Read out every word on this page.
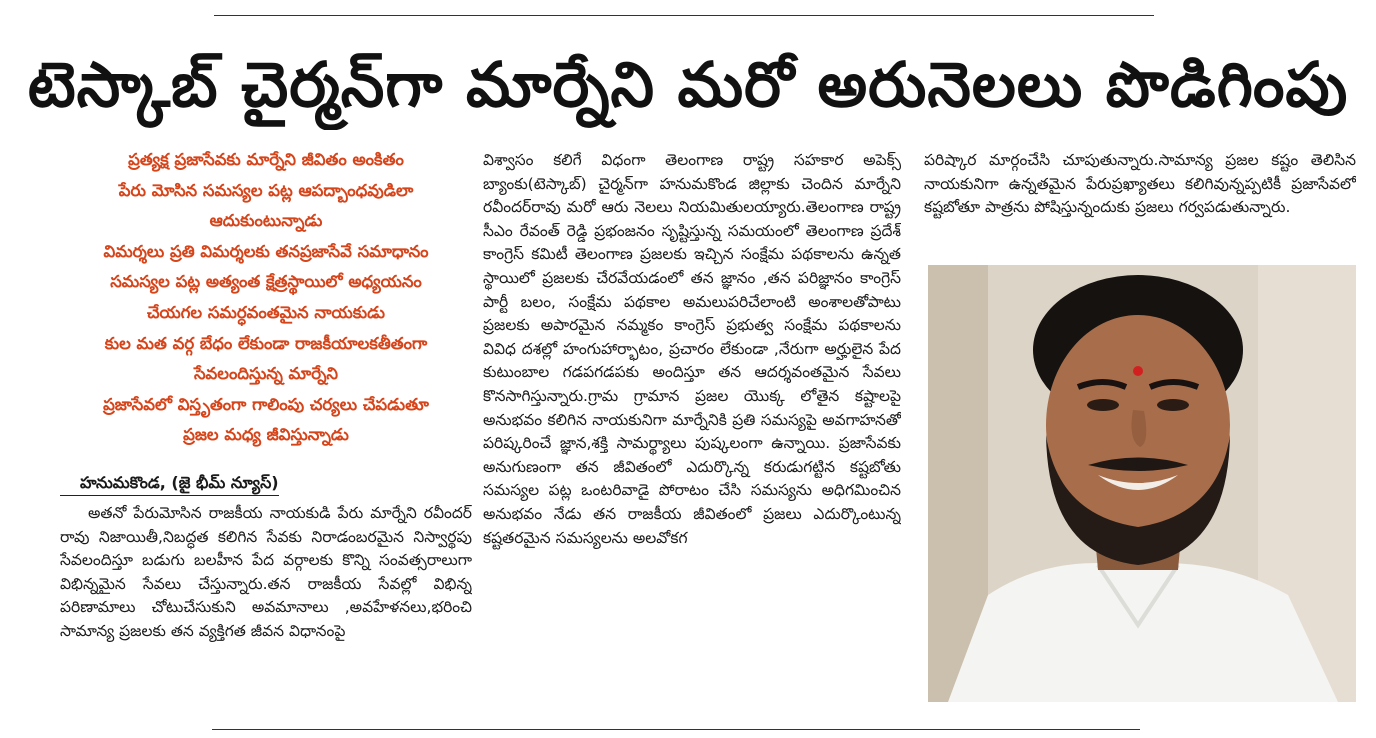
టెస్కాబ్ చైర్మన్‌గా మార్నేని మరో అరునెలలు పొడిగింపు
ప్రత్యక్ష ప్రజాసేవకు మార్నేని జీవితం అంకితం
పేరు మోసిన సమస్యల పట్ల ఆపద్బాంధవుడిలా
ఆదుకుంటున్నాడు
విమర్శలు ప్రతి విమర్శలకు తనప్రజాసేవే సమాధానం
సమస్యల పట్ల అత్యంత క్షేత్రస్థాయిలో అధ్యయనం
చేయగల సమర్ధవంతమైన నాయకుడు
కుల మత వర్గ బేధం లేకుండా రాజకీయాలకతీతంగా
సేవలందిస్తున్న మార్నేని
ప్రజాసేవలో విస్తృతంగా గాలింపు చర్యలు చేపడుతూ
ప్రజల మధ్య జీవిస్తున్నాడు
హనుమకొండ, (జై భీమ్ న్యూస్)

అతనో పేరుమోసిన రాజకీయ నాయకుడి పేరు మార్నేని రవీందర్ రావు నిజాయితీ,నిబద్ధత కలిగిన సేవకు నిరాడంబరమైన నిస్వార్థపు సేవలందిస్తూ బడుగు బలహీన పేద వర్గాలకు కొన్ని సంవత్సరాలుగా విభిన్నమైన సేవలు చేస్తున్నారు.తన రాజకీయ సేవల్లో విభిన్న పరిణామాలు చోటుచేసుకుని అవమానాలు ,అవహేళనలు,భరించి సామాన్య ప్రజలకు తన వ్యక్తిగత జీవన విధానంపై

విశ్వాసం కలిగే విధంగా తెలంగాణ రాష్ట్ర సహకార అపెక్స్ బ్యాంకు(టెస్కాబ్) చైర్మన్‌గా హనుమకొండ జిల్లాకు చెందిన మార్నేని రవీందర్‌రావు మరో ఆరు నెలలు నియమితులయ్యారు.తెలంగాణ రాష్ట్ర సీఎం రేవంత్ రెడ్డి ప్రభంజనం సృష్టిస్తున్న సమయంలో తెలంగాణ ప్రదేశ్ కాంగ్రెస్ కమిటీ తెలంగాణ ప్రజలకు ఇచ్చిన సంక్షేమ పథకాలను ఉన్నత స్థాయిలో ప్రజలకు చేరవేయడంలో తన జ్ఞానం ,తన పరిజ్ఞానం కాంగ్రెస్ పార్టీ బలం, సంక్షేమ పథకాల అమలుపరిచేలాంటి అంశాలతోపాటు ప్రజలకు అపారమైన నమ్మకం కాంగ్రెస్ ప్రభుత్వ సంక్షేమ పథకాలను వివిధ దశల్లో హంగుహార్భాటం, ప్రచారం లేకుండా ,నేరుగా అర్హులైన పేద కుటుంబాల గడపగడపకు అందిస్తూ తన ఆదర్శవంతమైన సేవలు కొనసాగిస్తున్నారు.గ్రామ గ్రామాన ప్రజల యొక్క లోతైన కష్టాలపై అనుభవం కలిగిన నాయకునిగా మార్నేనికి ప్రతి సమస్యపై అవగాహనతో పరిష్కరించే జ్ఞాన,శక్తి సామర్థ్యాలు పుష్కలంగా ఉన్నాయి. ప్రజాసేవకు అనుగుణంగా తన జీవితంలో ఎదుర్కొన్న కరుడుగట్టిన కష్టబోతు సమస్యల పట్ల ఒంటరివాడై పోరాటం చేసి సమస్యను అధిగమించిన అనుభవం నేడు తన రాజకీయ జీవితంలో ప్రజలు ఎదుర్కొంటున్న కష్టతరమైన సమస్యలను అలవోకగ

పరిష్కార మార్గంచేసి చూపుతున్నారు.సామాన్య ప్రజల కష్టం తెలిసిన నాయకునిగా ఉన్నతమైన పేరుప్రఖ్యాతలు కలిగివున్నప్పటికీ ప్రజాసేవలో కష్టబోతూ పాత్రను పోషిస్తున్నందుకు ప్రజలు గర్వపడుతున్నారు.
